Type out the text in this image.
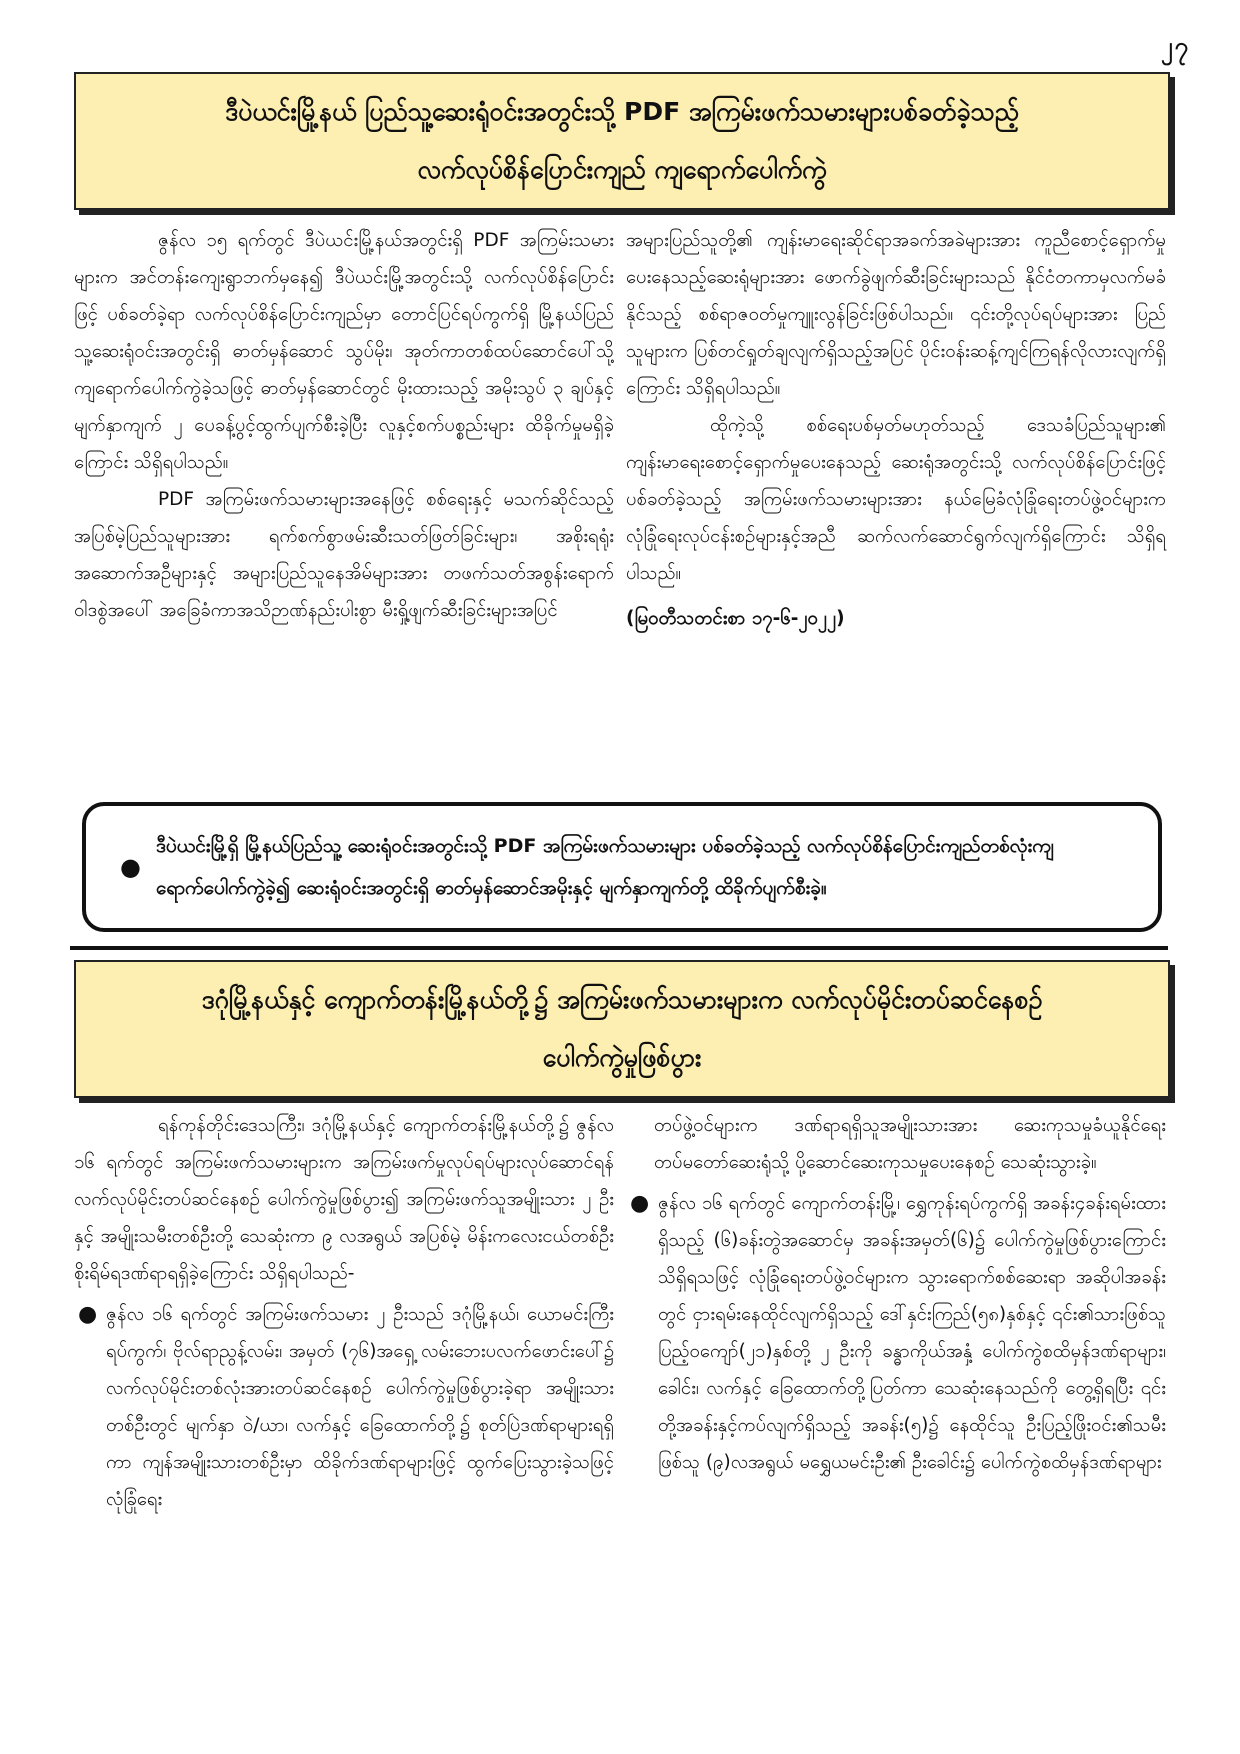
၂၇
ဒီပဲယင်းမြို့နယ် ပြည်သူ့ဆေးရုံဝင်းအတွင်းသို့ PDF အကြမ်းဖက်သမားများပစ်ခတ်ခဲ့သည့်
လက်လုပ်စိန်ပြောင်းကျည် ကျရောက်ပေါက်ကွဲ

ဇွန်လ ၁၅ ရက်တွင် ဒီပဲယင်းမြို့နယ်အတွင်းရှိ PDF အကြမ်းသမားများက အင်တန်းကျေးရွာဘက်မှနေ၍ ဒီပဲယင်းမြို့အတွင်းသို့ လက်လုပ်စိန်ပြောင်းဖြင့် ပစ်ခတ်ခဲ့ရာ လက်လုပ်စိန်ပြောင်းကျည်မှာ တောင်ပြင်ရပ်ကွက်ရှိ မြို့နယ်ပြည်သူ့ဆေးရုံဝင်းအတွင်းရှိ ဓာတ်မှန်ဆောင် သွပ်မိုး၊ အုတ်ကာတစ်ထပ်ဆောင်ပေါ်သို့ ကျရောက်ပေါက်ကွဲခဲ့သဖြင့် ဓာတ်မှန်ဆောင်တွင် မိုးထားသည့် အမိုးသွပ် ၃ ချပ်နှင့် မျက်နှာကျက် ၂ ပေခန့်ပွင့်ထွက်ပျက်စီးခဲ့ပြီး လူနှင့်စက်ပစ္စည်းများ ထိခိုက်မှုမရှိခဲ့ကြောင်း သိရှိရပါသည်။

PDF အကြမ်းဖက်သမားများအနေဖြင့် စစ်ရေးနှင့် မသက်ဆိုင်သည့် အပြစ်မဲ့ပြည်သူများအား ရက်စက်စွာဖမ်းဆီးသတ်ဖြတ်ခြင်းများ၊ အစိုးရရုံးအဆောက်အဦများနှင့် အများပြည်သူနေအိမ်များအား တဖက်သတ်အစွန်းရောက်ဝါဒစွဲအပေါ် အခြေခံကာအသိဉာဏ်နည်းပါးစွာ မီးရှို့ဖျက်ဆီးခြင်းများအပြင်

အများပြည်သူတို့၏ ကျန်းမာရေးဆိုင်ရာအခက်အခဲများအား ကူညီစောင့်ရှောက်မှုပေးနေသည့်ဆေးရုံများအား ဖောက်ခွဲဖျက်ဆီးခြင်းများသည် နိုင်ငံတကာမှလက်မခံနိုင်သည့် စစ်ရာဇဝတ်မှုကျူးလွန်ခြင်းဖြစ်ပါသည်။ ၎င်းတို့လုပ်ရပ်များအား ပြည်သူများက ပြစ်တင်ရှုတ်ချလျက်ရှိသည့်အပြင် ပိုင်းဝန်းဆန့်ကျင်ကြရန်လိုလားလျက်ရှိကြောင်း သိရှိရပါသည်။

ထိုကဲ့သို့ စစ်ရေးပစ်မှတ်မဟုတ်သည့် ဒေသခံပြည်သူများ၏ ကျန်းမာရေးစောင့်ရှောက်မှုပေးနေသည့် ဆေးရုံအတွင်းသို့ လက်လုပ်စိန်ပြောင်းဖြင့် ပစ်ခတ်ခဲ့သည့် အကြမ်းဖက်သမားများအား နယ်မြေခံလုံခြုံရေးတပ်ဖွဲ့ဝင်များက လုံခြုံရေးလုပ်ငန်းစဉ်များနှင့်အညီ ဆက်လက်ဆောင်ရွက်လျက်ရှိကြောင်း သိရှိရပါသည်။

(မြဝတီသတင်းစာ ၁၇-၆-၂၀၂၂)
●
ဒီပဲယင်းမြို့ရှိ မြို့နယ်ပြည်သူ့ ဆေးရုံဝင်းအတွင်းသို့ PDF အကြမ်းဖက်သမားများ ပစ်ခတ်ခဲ့သည့် လက်လုပ်စိန်ပြောင်းကျည်တစ်လုံးကျရောက်ပေါက်ကွဲခဲ့၍ ဆေးရုံဝင်းအတွင်းရှိ ဓာတ်မှန်ဆောင်အမိုးနှင့် မျက်နှာကျက်တို့ ထိခိုက်ပျက်စီးခဲ့။
ဒဂုံမြို့နယ်နှင့် ကျောက်တန်းမြို့နယ်တို့၌ အကြမ်းဖက်သမားများက လက်လုပ်မိုင်းတပ်ဆင်နေစဉ်
ပေါက်ကွဲမှုဖြစ်ပွား

ရန်ကုန်တိုင်းဒေသကြီး၊ ဒဂုံမြို့နယ်နှင့် ကျောက်တန်းမြို့နယ်တို့၌ ဇွန်လ ၁၆ ရက်တွင် အကြမ်းဖက်သမားများက အကြမ်းဖက်မှုလုပ်ရပ်များလုပ်ဆောင်ရန် လက်လုပ်မိုင်းတပ်ဆင်နေစဉ် ပေါက်ကွဲမှုဖြစ်ပွား၍ အကြမ်းဖက်သူအမျိုးသား ၂ ဦးနှင့် အမျိုးသမီးတစ်ဦးတို့ သေဆုံးကာ ၉ လအရွယ် အပြစ်မဲ့ မိန်းကလေးငယ်တစ်ဦး စိုးရိမ်ရဒဏ်ရာရရှိခဲ့ကြောင်း သိရှိရပါသည်-

● ဇွန်လ ၁၆ ရက်တွင် အကြမ်းဖက်သမား ၂ ဦးသည် ဒဂုံမြို့နယ်၊ ယောမင်းကြီးရပ်ကွက်၊ ဗိုလ်ရာညွန့်လမ်း၊ အမှတ် (၇၆)အရှေ့ လမ်းဘေးပလက်ဖောင်းပေါ်၌ လက်လုပ်မိုင်းတစ်လုံးအားတပ်ဆင်နေစဉ် ပေါက်ကွဲမှုဖြစ်ပွားခဲ့ရာ အမျိုးသားတစ်ဦးတွင် မျက်နှာ ဝဲ/ယာ၊ လက်နှင့် ခြေထောက်တို့၌ စုတ်ပြဲဒဏ်ရာများရရှိကာ ကျန်အမျိုးသားတစ်ဦးမှာ ထိခိုက်ဒဏ်ရာများဖြင့် ထွက်ပြေးသွားခဲ့သဖြင့် လုံခြုံရေး

တပ်ဖွဲ့ဝင်များက ဒဏ်ရာရရှိသူအမျိုးသားအား ဆေးကုသမှုခံယူနိုင်ရေး တပ်မတော်ဆေးရုံသို့ ပို့ဆောင်ဆေးကုသမှုပေးနေစဉ် သေဆုံးသွားခဲ့။

● ဇွန်လ ၁၆ ရက်တွင် ကျောက်တန်းမြို့၊ ရွှေကုန်းရပ်ကွက်ရှိ အခန်း၄ခန်းရမ်းထားရှိသည့် (၆)ခန်းတွဲအဆောင်မှ အခန်းအမှတ်(၆)၌ ပေါက်ကွဲမှုဖြစ်ပွားကြောင်း သိရှိရသဖြင့် လုံခြုံရေးတပ်ဖွဲ့ဝင်များက သွားရောက်စစ်ဆေးရာ အဆိုပါအခန်းတွင် ငှားရမ်းနေထိုင်လျက်ရှိသည့် ဒေါ်နှင်းကြည်(၅၈)နှစ်နှင့် ၎င်း၏သားဖြစ်သူ ပြည့်ဝကျော်(၂၁)နှစ်တို့ ၂ ဦးကို ခန္ဓာကိုယ်အနှံ့ ပေါက်ကွဲစထိမှန်ဒဏ်ရာများ၊ ခေါင်း၊ လက်နှင့် ခြေထောက်တို့ပြတ်ကာ သေဆုံးနေသည်ကို တွေ့ရှိရပြီး ၎င်းတို့အခန်းနှင့်ကပ်လျက်ရှိသည့် အခန်း(၅)၌ နေထိုင်သူ ဦးပြည့်ဖြိုးဝင်း၏သမီးဖြစ်သူ (၉)လအရွယ် မရွှေယမင်းဦး၏ ဦးခေါင်း၌ ပေါက်ကွဲစထိမှန်ဒဏ်ရာများ
